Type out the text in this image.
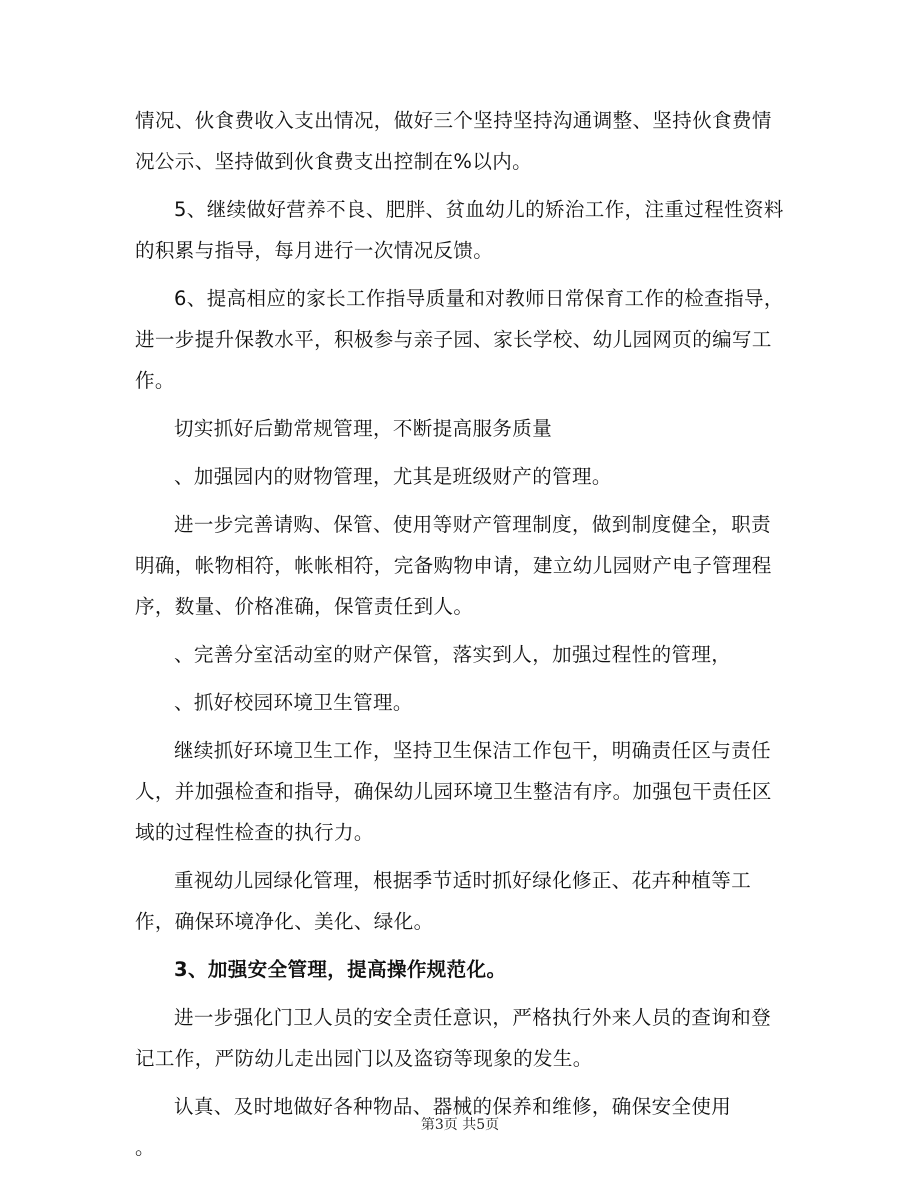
情况、伙食费收入支出情况，做好三个坚持坚持沟通调整、坚持伙食费情况公示、坚持做到伙食费支出控制在%以内。

5、继续做好营养不良、肥胖、贫血幼儿的矫治工作，注重过程性资料的积累与指导，每月进行一次情况反馈。

6、提高相应的家长工作指导质量和对教师日常保育工作的检查指导，进一步提升保教水平，积极参与亲子园、家长学校、幼儿园网页的编写工作。

切实抓好后勤常规管理，不断提高服务质量

、加强园内的财物管理，尤其是班级财产的管理。

进一步完善请购、保管、使用等财产管理制度，做到制度健全，职责明确，帐物相符，帐帐相符，完备购物申请，建立幼儿园财产电子管理程序，数量、价格准确，保管责任到人。

、完善分室活动室的财产保管，落实到人，加强过程性的管理，

、抓好校园环境卫生管理。

继续抓好环境卫生工作，坚持卫生保洁工作包干，明确责任区与责任人，并加强检查和指导，确保幼儿园环境卫生整洁有序。加强包干责任区域的过程性检查的执行力。

重视幼儿园绿化管理，根据季节适时抓好绿化修正、花卉种植等工作，确保环境净化、美化、绿化。

3、加强安全管理，提高操作规范化。

进一步强化门卫人员的安全责任意识，严格执行外来人员的查询和登记工作，严防幼儿走出园门以及盗窃等现象的发生。

认真、及时地做好各种物品、器械的保养和维修，确保安全使用

。

第3页 共5页
